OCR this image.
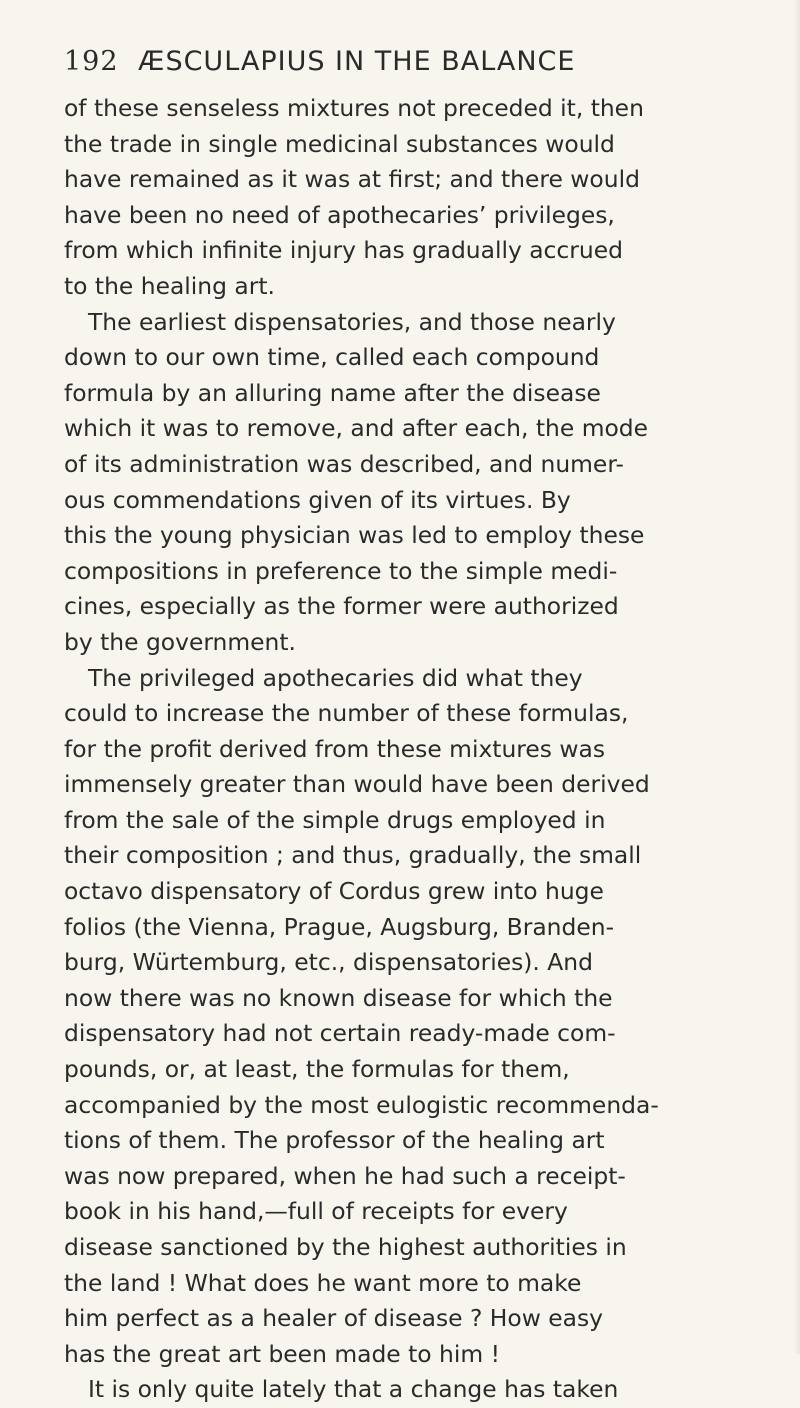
192 ÆSCULAPIUS IN THE BALANCE
of these senseless mixtures not preceded it, then
the trade in single medicinal substances would
have remained as it was at first; and there would
have been no need of apothecaries’ privileges,
from which infinite injury has gradually accrued
to the healing art.
The earliest dispensatories, and those nearly
down to our own time, called each compound
formula by an alluring name after the disease
which it was to remove, and after each, the mode
of its administration was described, and numer-
ous commendations given of its virtues. By
this the young physician was led to employ these
compositions in preference to the simple medi-
cines, especially as the former were authorized
by the government.
The privileged apothecaries did what they
could to increase the number of these formulas,
for the profit derived from these mixtures was
immensely greater than would have been derived
from the sale of the simple drugs employed in
their composition ; and thus, gradually, the small
octavo dispensatory of Cordus grew into huge
folios (the Vienna, Prague, Augsburg, Branden-
burg, Würtemburg, etc., dispensatories). And
now there was no known disease for which the
dispensatory had not certain ready-made com-
pounds, or, at least, the formulas for them,
accompanied by the most eulogistic recommenda-
tions of them. The professor of the healing art
was now prepared, when he had such a receipt-
book in his hand,—full of receipts for every
disease sanctioned by the highest authorities in
the land ! What does he want more to make
him perfect as a healer of disease ? How easy
has the great art been made to him !
It is only quite lately that a change has taken
